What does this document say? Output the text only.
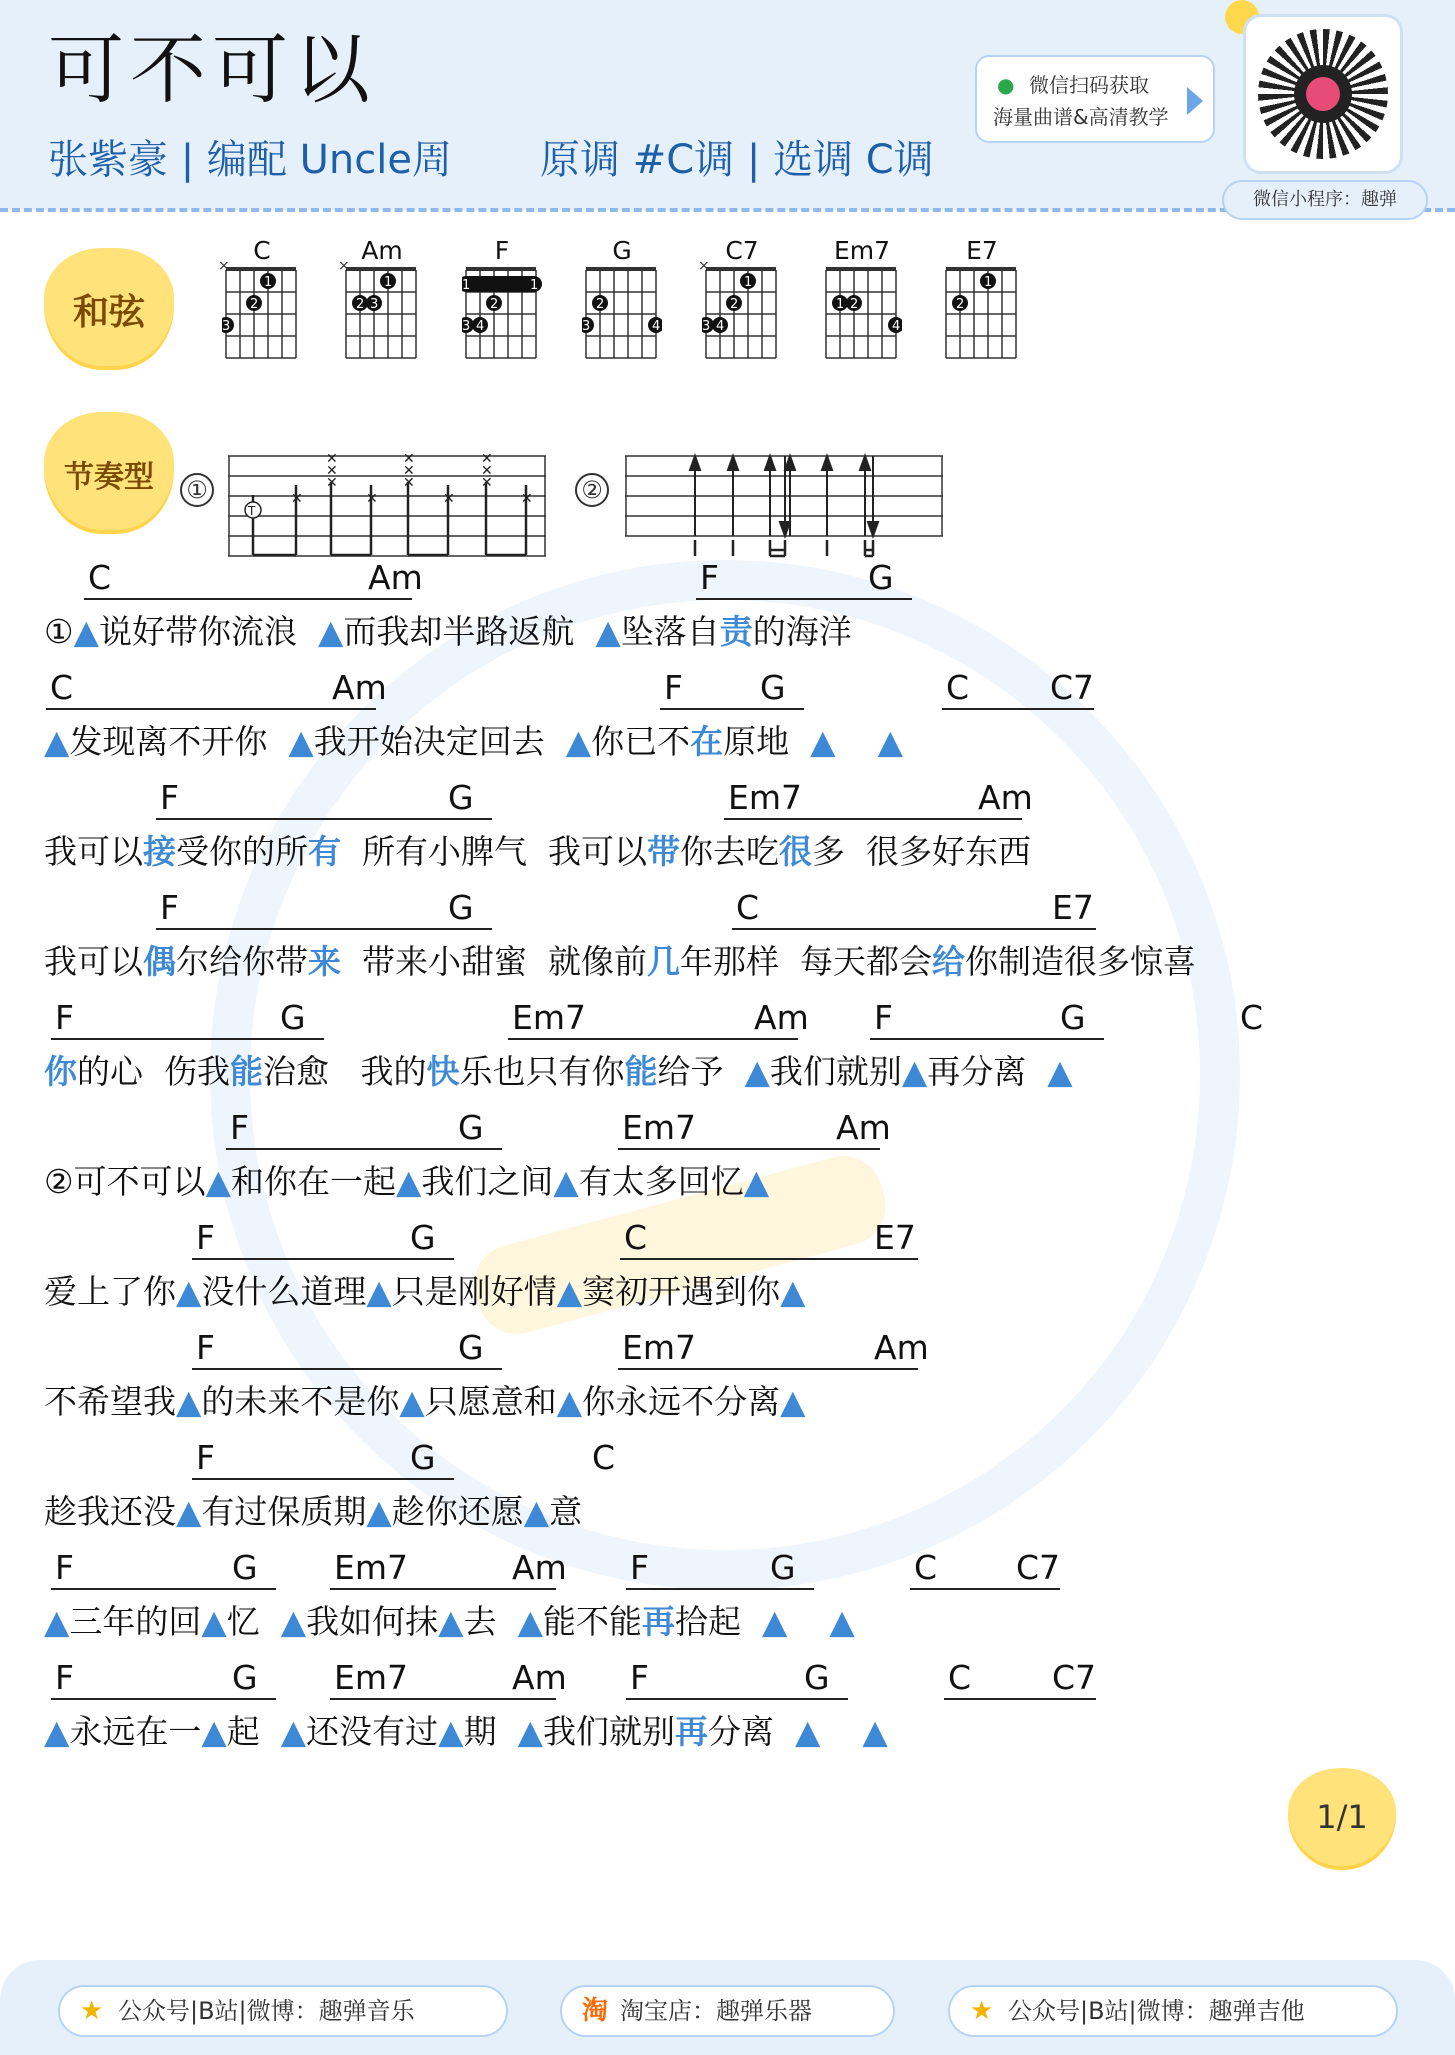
可不可以
张紫豪 | 编配 Uncle周 原调 #C调 | 选调 C调
● 微信扫码获取
海量曲谱&高清教学
微信小程序：趣弹
和弦
节奏型
C
×
1
2
3
Am
×
1
2 3
F
1	1
2
3 4
G
3
2
4
C7
×
1
2
3 4
Em7
1 2
4
E7
1
2
①	✕
✕
✕
✕
✕
✕
✕
✕
✕
✕
✕
✕
✕
T
②
C	Am	F	G
①▲说好带你流浪 ▲而我却半路返航 ▲坠落自责的海洋
C	Am	F G	C C7
▲发现离不开你 ▲我开始决定回去 ▲你已不在原地 ▲ ▲
F	G	Em7	Am
我可以接受你的所有 所有小脾气 我可以带你去吃很多 很多好东西
F	G	C	E7
我可以偶尔给你带来 带来小甜蜜 就像前几年那样 每天都会给你制造很多惊喜
F	G	Em7	Am F	G	C
你的心 伤我能治愈 我的快乐也只有你能给予 ▲我们就别▲再分离 ▲
F	G	Em7	Am
②可不可以▲和你在一起▲我们之间▲有太多回忆▲
F	G	C	E7
爱上了你▲没什么道理▲只是刚好情▲窦初开遇到你▲
F	G	Em7	Am
不希望我▲的未来不是你▲只愿意和▲你永远不分离▲
F	G	C
趁我还没▲有过保质期▲趁你还愿▲意
F	G Em7	Am F	G	C C7
▲三年的回▲忆 ▲我如何抹▲去 ▲能不能再拾起 ▲ ▲
F	G Em7	Am F	G	C C7
▲永远在一▲起 ▲还没有过▲期 ▲我们就别再分离 ▲ ▲
1/1
★ 公众号|B站|微博：趣弹音乐	淘 淘宝店：趣弹乐器	★ 公众号|B站|微博：趣弹吉他
